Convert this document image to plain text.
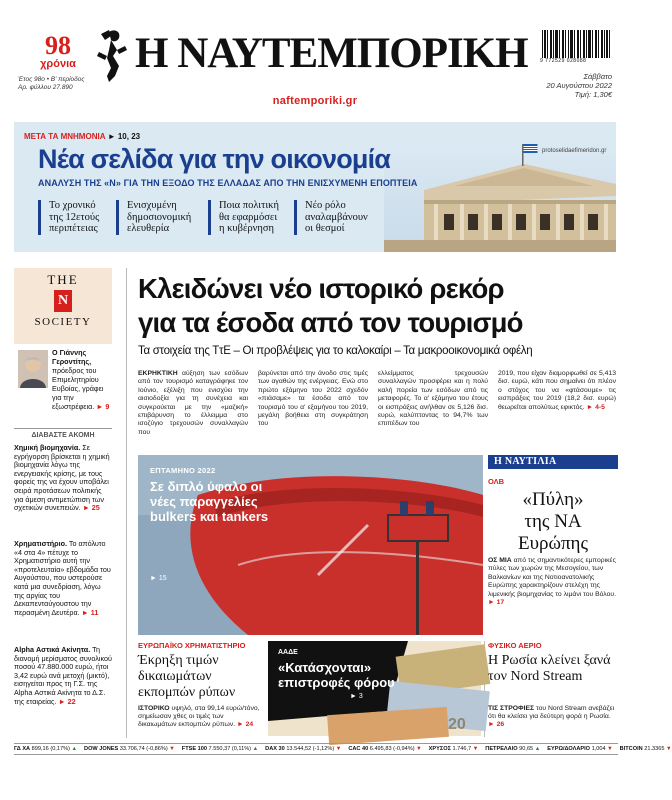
98
χρόνια
Έτος 98ο • Β' περίοδος
Αρ. φύλλου 27.890
Η ΝΑΥΤΕΜΠΟΡΙΚΗ
naftemporiki.gr
9 772529 028088
Σάββατο
20 Αυγούστου 2022
Τιμή: 1,30€
ΜΕΤΑ ΤΑ ΜΝΗΜΟΝΙΑ ► 10, 23
Νέα σελίδα για την οικονομία
ΑΝΑΛΥΣΗ ΤΗΣ «Ν» ΓΙΑ ΤΗΝ ΕΞΟΔΟ ΤΗΣ ΕΛΛΑΔΑΣ ΑΠΟ ΤΗΝ ΕΝΙΣΧΥΜΕΝΗ ΕΠΟΠΤΕΙΑ
protoselidaefimeridon.gr
Το χρονικό
της 12ετούς
περιπέτειας
Ενισχυμένη
δημοσιονομική
ελευθερία
Ποια πολιτική
θα εφαρμόσει
η κυβέρνηση
Νέο ρόλο
αναλαμβάνουν
οι θεσμοί
THE
N
SOCIETY
Ο Γιάννης Γεροντίτης, πρόεδρος του Επιμελητηρίου Ευβοίας, γράφει για την εξωστρέφεια. ► 9
ΔΙΑΒΑΣΤΕ ΑΚΟΜΗ
Χημική βιομηχανία. Σε εγρήγορση βρίσκεται η χημική βιομηχανία λόγω της ενεργειακής κρίσης, με τους φορείς της να έχουν υποβάλει σειρά προτάσεων πολιτικής για άμεση αντιμετώπιση των σχετικών συνεπειών. ► 25
Χρηματιστήριο. Το απόλυτο «4 στα 4» πέτυχε το Χρηματιστήριο αυτή την «προτελευταία» εβδομάδα του Αυγούστου, που υστερούσε κατά μια συνεδρίαση, λόγω της αργίας του Δεκαπενταύγουστου την περασμένη Δευτέρα. ► 11
Alpha Αστικά Ακίνητα. Τη διανομή μερίσματος συνολικού ποσού 47.880.000 ευρώ, ήτοι 3,42 ευρώ ανά μετοχή (μικτό), εισηγείται προς τη Γ.Σ. της Alpha Αστικά Ακίνητα το Δ.Σ. της εταιρείας. ► 22
Κλειδώνει νέο ιστορικό ρεκόρ
για τα έσοδα από τον τουρισμό
Τα στοιχεία της ΤτΕ – Οι προβλέψεις για το καλοκαίρι – Τα μακροοικονομικά οφέλη
ΕΚΡΗΚΤΙΚΗ αύξηση των εσόδων από τον τουρισμό καταγράφηκε τον Ιούνιο, εξέλιξη που ενισχύει την αισιοδοξία για τη συνέχεια και συγκρούεται με την «μαζική» επιβάρυνση το έλλειμμα στο ισοζύγιο τρεχουσών συναλλαγών που
βαρύνεται από την άνοδο στις τιμές των αγαθών της ενέργειας. Ενώ στο πρώτο εξάμηνο του 2022 σχεδόν «πιάσαμε» τα έσοδα από τον τουρισμό του α' εξαμήνου του 2019, μεγάλη βοήθεια στη συγκράτηση του
ελλείμματος τρεχουσών συναλλαγών προσφέρει και η πολύ καλή πορεία των εσόδων από τις μεταφορές. Το α' εξάμηνο του έτους οι εισπράξεις ανήλθαν σε 5,126 δισ. ευρώ, καλύπτοντας το 94,7% των επιπέδων του
2019, που είχαν διαμορφωθεί σε 5,413 δισ. ευρώ, κάτι που σημαίνει ότι πλέον ο στόχος του να «φτάσουμε» τις εισπράξεις του 2019 (18,2 δισ. ευρώ) θεωρείται απολύτως εφικτός. ► 4-5
ΕΠΤΑΜΗΝΟ 2022
Σε διπλό ύφαλο οι νέες παραγγελίες bulkers και tankers
► 15
Η ΝΑΥΤΙΛΙΑ
ΟΛΒ
«Πύλη»
της ΝΑ
Ευρώπης
ΟΣ ΜΙΑ από τις σημαντικότερες εμπορικές πύλες των χωρών της Μεσογείου, των Βαλκανίων και της Νοτιοανατολικής Ευρώπης χαρακτηρίζουν στελέχη της λιμενικής βιομηχανίας το λιμάνι του Βόλου. ► 17
ΕΥΡΩΠΑΪΚΟ ΧΡΗΜΑΤΙΣΤΗΡΙΟ
Έκρηξη τιμών δικαιωμάτων εκπομπών ρύπων
ΙΣΤΟΡΙΚΟ υψηλό, στα 99,14 ευρώ/τόνο, σημείωσαν χθες οι τιμές των δικαιωμάτων εκπομπών ρύπων. ► 24	20
ΑΑΔΕ
«Κατάσχονται» επιστροφές φόρου
► 3
ΦΥΣΙΚΟ ΑΕΡΙΟ
Η Ρωσία κλείνει ξανά τον Nord Stream
ΤΙΣ ΣΤΡΟΦΙΕΣ του Nord Stream ανεβάζει ότι θα κλείσει για δεύτερη φορά η Ρωσία. ► 26
ΓΔ ΧΑ 899,16 (0,17%) ▲ DOW JONES 33.706,74 (-0,86%) ▼ FTSE 100 7.550,37 (0,11%) ▲ DAX 30 13.544,52 (-1,12%) ▼ CAC 40 6.495,83 (-0,94%) ▼ ΧΡΥΣΟΣ 1.746,7 ▼ ΠΕΤΡΕΛΑΙΟ 90,65 ▲ ΕΥΡΩ/ΔΟΛΑΡΙΟ 1,004 ▼ BITCOIN 21.3365 ▼
